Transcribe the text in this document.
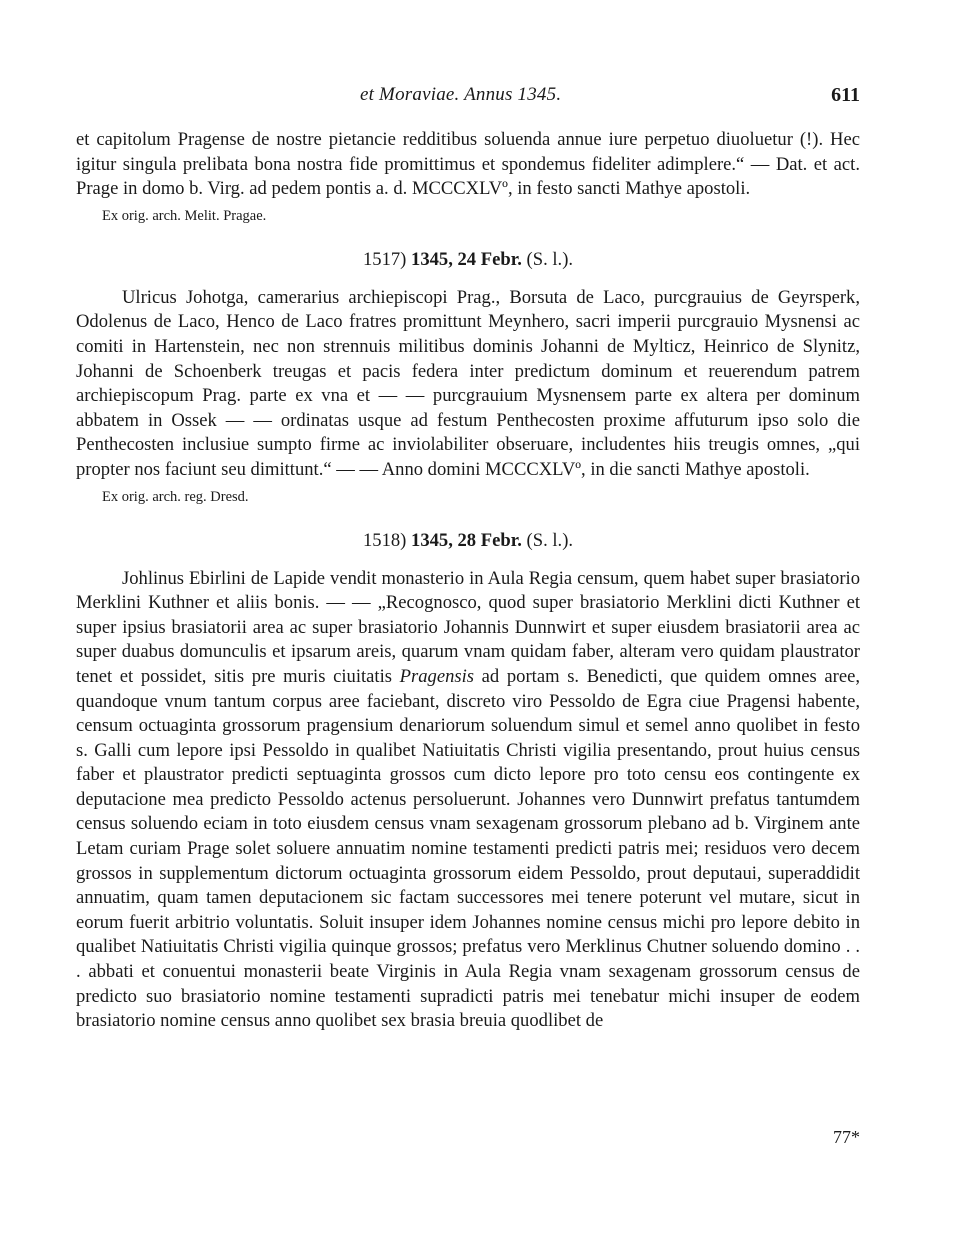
et Moraviae. Annus 1345.	611

et capitolum Pragense de nostre pietancie redditibus soluenda annue iure perpetuo diuoluetur (!). Hec igitur singula prelibata bona nostra fide promittimus et spondemus fideliter adimplere.“ — Dat. et act. Prage in domo b. Virg. ad pedem pontis a. d. MCCCXLVº, in festo sancti Mathye apostoli.

Ex orig. arch. Melit. Pragae.

1517) 1345, 24 Febr. (S. l.).

Ulricus Johotga, camerarius archiepiscopi Prag., Borsuta de Laco, purcgrauius de Geyrsperk, Odolenus de Laco, Henco de Laco fratres promittunt Meynhero, sacri imperii purcgrauio Mysnensi ac comiti in Hartenstein, nec non strennuis militibus dominis Johanni de Mylticz, Heinrico de Slynitz, Johanni de Schoenberk treugas et pacis federa inter predictum dominum et reuerendum patrem archiepiscopum Prag. parte ex vna et — — purcgrauium Mysnensem parte ex altera per dominum abbatem in Ossek — — ordinatas usque ad festum Penthecosten proxime affuturum ipso solo die Penthecosten inclusiue sumpto firme ac inviolabiliter obseruare, includentes hiis treugis omnes, „qui propter nos faciunt seu dimittunt.“ — — Anno domini MCCCXLVº, in die sancti Mathye apostoli.

Ex orig. arch. reg. Dresd.

1518) 1345, 28 Febr. (S. l.).

Johlinus Ebirlini de Lapide vendit monasterio in Aula Regia censum, quem habet super brasiatorio Merklini Kuthner et aliis bonis. — — „Recognosco, quod super brasiatorio Merklini dicti Kuthner et super ipsius brasiatorii area ac super brasiatorio Johannis Dunnwirt et super eiusdem brasiatorii area ac super duabus domunculis et ipsarum areis, quarum vnam quidam faber, alteram vero quidam plaustrator tenet et possidet, sitis pre muris ciuitatis Pragensis ad portam s. Benedicti, que quidem omnes aree, quandoque vnum tantum corpus aree faciebant, discreto viro Pessoldo de Egra ciue Pragensi habente, censum octuaginta grossorum pragensium denariorum soluendum simul et semel anno quolibet in festo s. Galli cum lepore ipsi Pessoldo in qualibet Natiuitatis Christi vigilia presentando, prout huius census faber et plaustrator predicti septuaginta grossos cum dicto lepore pro toto censu eos contingente ex deputacione mea predicto Pessoldo actenus persoluerunt. Johannes vero Dunnwirt prefatus tantumdem census soluendo eciam in toto eiusdem census vnam sexagenam grossorum plebano ad b. Virginem ante Letam curiam Prage solet soluere annuatim nomine testamenti predicti patris mei; residuos vero decem grossos in supplementum dictorum octuaginta grossorum eidem Pessoldo, prout deputaui, superaddidit annuatim, quam tamen deputacionem sic factam successores mei tenere poterunt vel mutare, sicut in eorum fuerit arbitrio voluntatis. Soluit insuper idem Johannes nomine census michi pro lepore debito in qualibet Natiuitatis Christi vigilia quinque grossos; prefatus vero Merklinus Chutner soluendo domino . . . abbati et conuentui monasterii beate Virginis in Aula Regia vnam sexagenam grossorum census de predicto suo brasiatorio nomine testamenti supradicti patris mei tenebatur michi insuper de eodem brasiatorio nomine census anno quolibet sex brasia breuia quodlibet de

77*
